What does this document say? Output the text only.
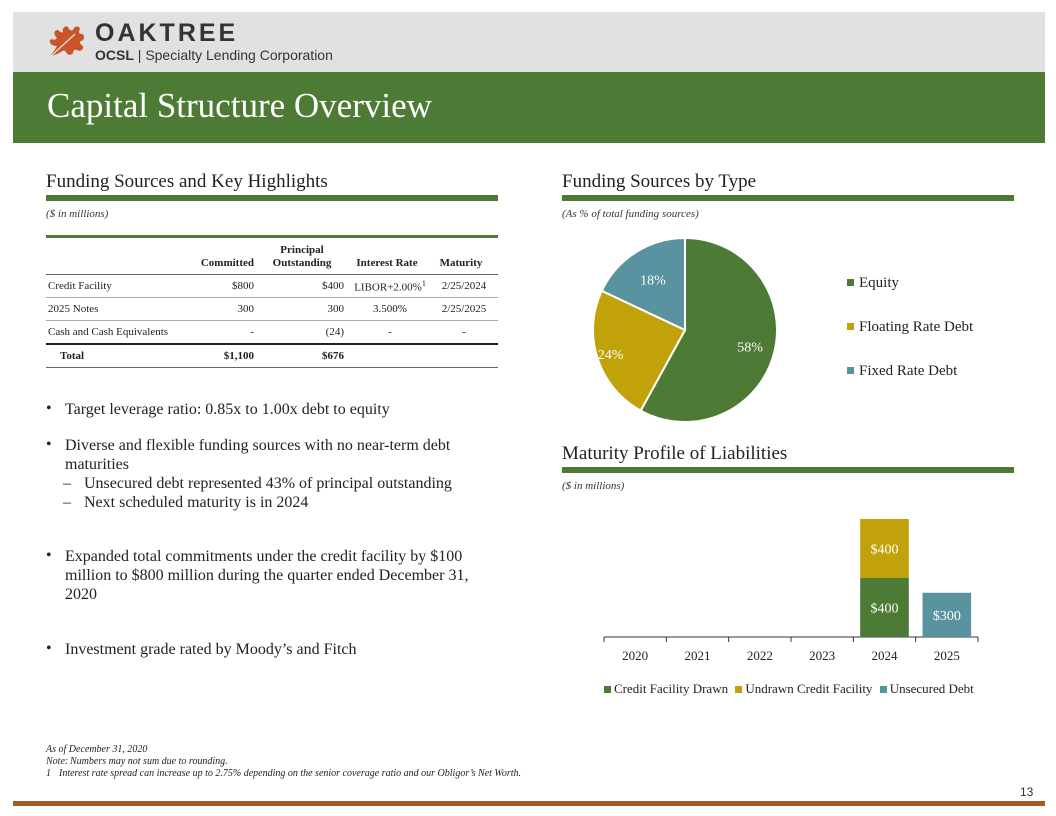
OAKTREE
OCSL | Specialty Lending Corporation
Capital Structure Overview
Funding Sources and Key Highlights
($ in millions)
	Committed	Principal Outstanding	Interest Rate	Maturity
Credit Facility	$800	$400	LIBOR+2.00%$^1$	2/25/2024
2025 Notes	300	300	3.500%	2/25/2025
Cash and Cash Equivalents	-	(24)	-	-
Total	$1,100	$676		
• Target leverage ratio: 0.85x to 1.00x debt to equity
• Diverse and flexible funding sources with no near-term debt maturities
– Unsecured debt represented 43% of principal outstanding
– Next scheduled maturity is in 2024
• Expanded total commitments under the credit facility by $100 million to $800 million during the quarter ended December 31, 2020
• Investment grade rated by Moody’s and Fitch
Funding Sources by Type
(As % of total funding sources)
58%
24%
18%	Equity
Floating Rate Debt
Fixed Rate Debt
Maturity Profile of Liabilities
($ in millions)
2020	2021	2022	2023	2024
$400
$400
2025
$300
Credit Facility Drawn Undrawn Credit Facility Unsecured Debt
As of December 31, 2020
Note: Numbers may not sum due to rounding.
1 Interest rate spread can increase up to 2.75% depending on the senior coverage ratio and our Obligor’s Net Worth.
13
